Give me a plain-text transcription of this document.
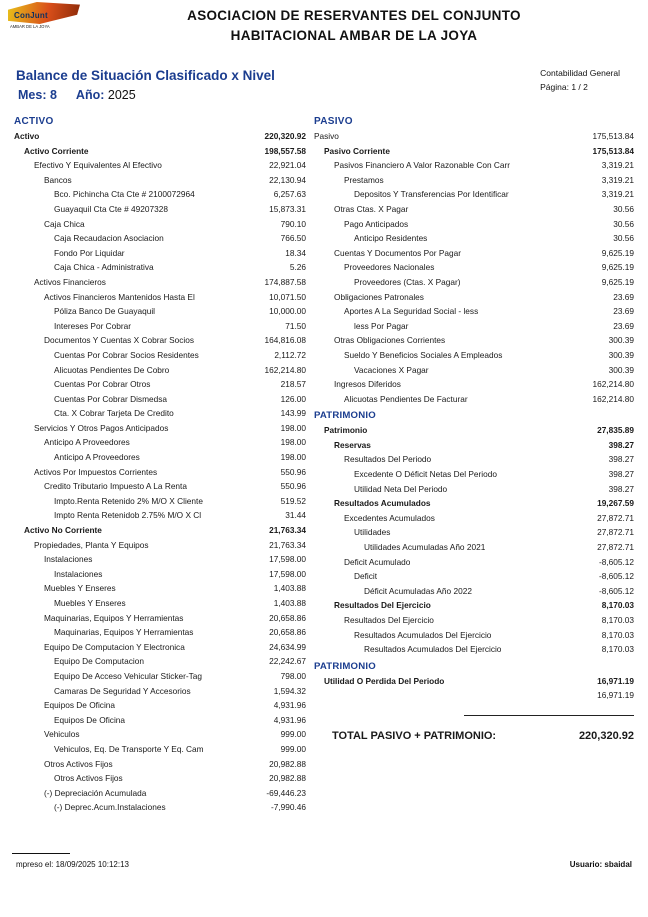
ConJunt
AMBAR DE LA JOYA
ASOCIACION DE RESERVANTES DEL CONJUNTO
HABITACIONAL AMBAR DE LA JOYA
Balance de Situación Clasificado x Nivel
Mes: 8 Año: 2025
Contabilidad General
Página: 1 / 2
ACTIVO
Activo	220,320.92
Activo Corriente	198,557.58
Efectivo Y Equivalentes Al Efectivo	22,921.04
Bancos	22,130.94
Bco. Pichincha Cta Cte # 2100072964	6,257.63
Guayaquil Cta Cte # 49207328	15,873.31
Caja Chica	790.10
Caja Recaudacion Asociacion	766.50
Fondo Por Liquidar	18.34
Caja Chica - Administrativa	5.26
Activos Financieros	174,887.58
Activos Financieros Mantenidos Hasta El	10,071.50
Póliza Banco De Guayaquil	10,000.00
Intereses Por Cobrar	71.50
Documentos Y Cuentas X Cobrar Socios	164,816.08
Cuentas Por Cobrar Socios Residentes	2,112.72
Alicuotas Pendientes De Cobro	162,214.80
Cuentas Por Cobrar Otros	218.57
Cuentas Por Cobrar Dismedsa	126.00
Cta. X Cobrar Tarjeta De Credito	143.99
Servicios Y Otros Pagos Anticipados	198.00
Anticipo A Proveedores	198.00
Anticipo A Proveedores	198.00
Activos Por Impuestos Corrientes	550.96
Credito Tributario Impuesto A La Renta	550.96
Impto.Renta Retenido 2% M/O X Cliente	519.52
Impto Renta Retenidob 2.75% M/O X Cl	31.44
Activo No Corriente	21,763.34
Propiedades, Planta Y Equipos	21,763.34
Instalaciones	17,598.00
Instalaciones	17,598.00
Muebles Y Enseres	1,403.88
Muebles Y Enseres	1,403.88
Maquinarias, Equipos Y Herramientas	20,658.86
Maquinarias, Equipos Y Herramientas	20,658.86
Equipo De Computacion Y Electronica	24,634.99
Equipo De Computacion	22,242.67
Equipo De Acceso Vehicular Sticker-Tag	798.00
Camaras De Seguridad Y Accesorios	1,594.32
Equipos De Oficina	4,931.96
Equipos De Oficina	4,931.96
Vehiculos	999.00
Vehiculos, Eq. De Transporte Y Eq. Cam	999.00
Otros Activos Fijos	20,982.88
Otros Activos Fijos	20,982.88
(-) Depreciación Acumulada	-69,446.23
(-) Deprec.Acum.Instalaciones	-7,990.46
PASIVO
Pasivo	175,513.84
Pasivo Corriente	175,513.84
Pasivos Financiero A Valor Razonable Con Carr	3,319.21
Prestamos	3,319.21
Depositos Y Transferencias Por Identificar	3,319.21
Otras Ctas. X Pagar	30.56
Pago Anticipados	30.56
Anticipo Residentes	30.56
Cuentas Y Documentos Por Pagar	9,625.19
Proveedores Nacionales	9,625.19
Proveedores (Ctas. X Pagar)	9,625.19
Obligaciones Patronales	23.69
Aportes A La Seguridad Social - less	23.69
less Por Pagar	23.69
Otras Obligaciones Corrientes	300.39
Sueldo Y Beneficios Sociales A Empleados	300.39
Vacaciones X Pagar	300.39
Ingresos Diferidos	162,214.80
Alicuotas Pendientes De Facturar	162,214.80
PATRIMONIO
Patrimonio	27,835.89
Reservas	398.27
Resultados Del Periodo	398.27
Excedente O Déficit Netas Del Periodo	398.27
Utilidad Neta Del Periodo	398.27
Resultados Acumulados	19,267.59
Excedentes Acumulados	27,872.71
Utilidades	27,872.71
Utilidades Acumuladas Año 2021	27,872.71
Deficit Acumulado	-8,605.12
Deficit	-8,605.12
Déficit Acumuladas Año 2022	-8,605.12
Resultados Del Ejercicio	8,170.03
Resultados Del Ejercicio	8,170.03
Resultados Acumulados Del Ejercicio	8,170.03
Resultados Acumulados Del Ejercicio	8,170.03
PATRIMONIO
Utilidad O Perdida Del Periodo	16,971.19
16,971.19
TOTAL PASIVO + PATRIMONIO:	220,320.92
mpreso el: 18/09/2025 10:12:13	Usuario: sbaidal
